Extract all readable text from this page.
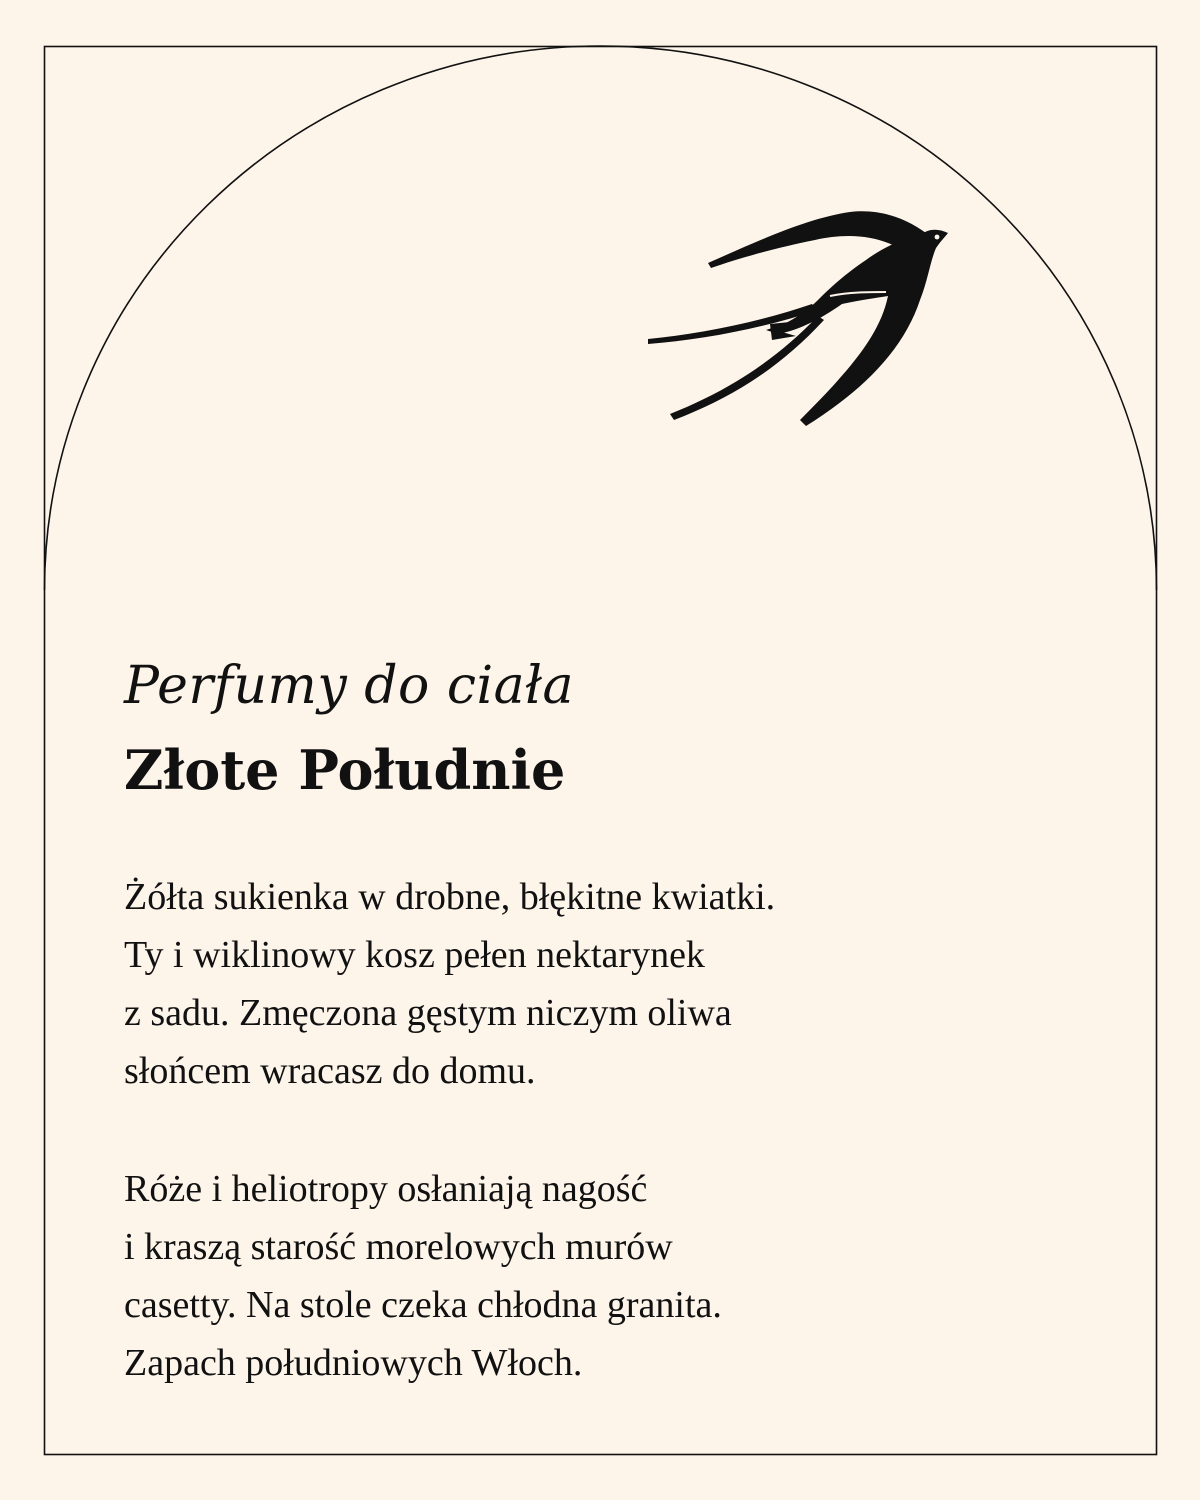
Perfumy do ciała
Złote Południe

Żółta sukienka w drobne, błękitne kwiatki.
Ty i wiklinowy kosz pełen nektarynek
z sadu. Zmęczona gęstym niczym oliwa
słońcem wracasz do domu.

Róże i heliotropy osłaniają nagość
i kraszą starość morelowych murów
casetty. Na stole czeka chłodna granita.
Zapach południowych Włoch.
